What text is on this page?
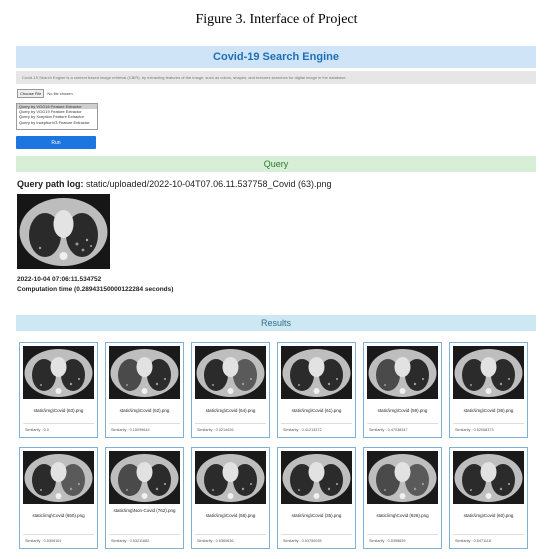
Figure 3. Interface of Project
Covid-19 Search Engine
Covid-19 Search Engine is a content based image retrieval (CBIR), by extracting features of the image, such as colors, shapes, and textures searches for digital image in the database.
Choose File	No file chosen
Query by VGG16 Feature Extractor
Query by VGG19 Feature Extractor
Query by Xception Feature Extractor
Query by InceptionV3 Feature Extractor
Run
Query
Query path log: static/uploaded/2022-10-04T07.06.11.537758_Covid (63).png
2022-10-04 07:06:11.534752
Computation time (0.28943150000122284 seconds)
Results
static\img\Covid (63).png
Similarity : 0.0
static\img\Covid (62).png
Similarity : 0.15099644
static\img\Covid (64).png
Similarity : 0.3214426
static\img\Covid (61).png
Similarity : 0.41213372
static\img\Covid (59).png
Similarity : 0.47038347
static\img\Covid (36).png
Similarity : 0.52068373
static\img\Covid (650).png
Similarity : 0.5306161
static\img\Non-Covid (762).png
Similarity : 0.53211682
static\img\Covid (58).png
Similarity : 0.5360636
static\img\Covid (35).png
Similarity : 0.53750035
static\img\Covid (926).png
Similarity : 0.5398839
static\img\Covid (60).png
Similarity : 0.5471118
